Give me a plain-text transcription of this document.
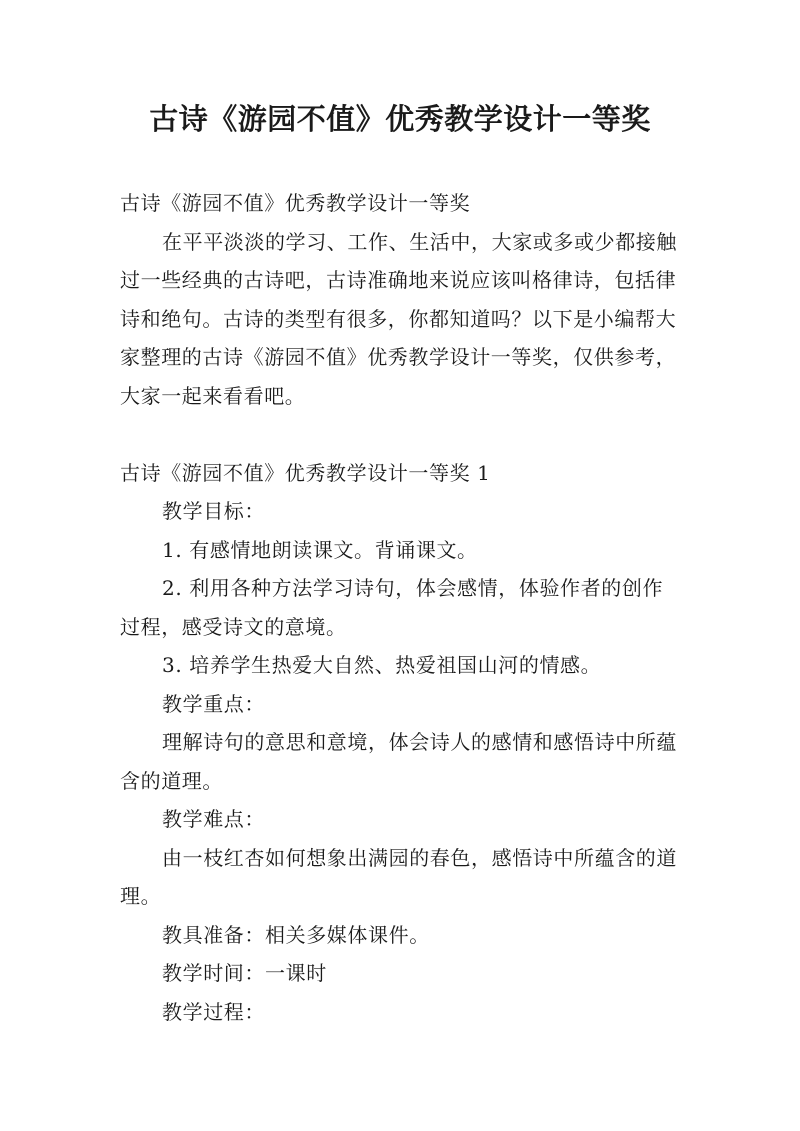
古诗《游园不值》优秀教学设计一等奖

古诗《游园不值》优秀教学设计一等奖

在平平淡淡的学习、工作、生活中，大家或多或少都接触过一些经典的古诗吧，古诗准确地来说应该叫格律诗，包括律诗和绝句。古诗的类型有很多，你都知道吗？以下是小编帮大家整理的古诗《游园不值》优秀教学设计一等奖，仅供参考，大家一起来看看吧。

古诗《游园不值》优秀教学设计一等奖 1

教学目标：

1. 有感情地朗读课文。背诵课文。

2. 利用各种方法学习诗句，体会感情，体验作者的创作过程，感受诗文的意境。

3. 培养学生热爱大自然、热爱祖国山河的情感。

教学重点：

理解诗句的意思和意境，体会诗人的感情和感悟诗中所蕴含的道理。

教学难点：

由一枝红杏如何想象出满园的春色，感悟诗中所蕴含的道理。

教具准备：相关多媒体课件。

教学时间：一课时

教学过程：
